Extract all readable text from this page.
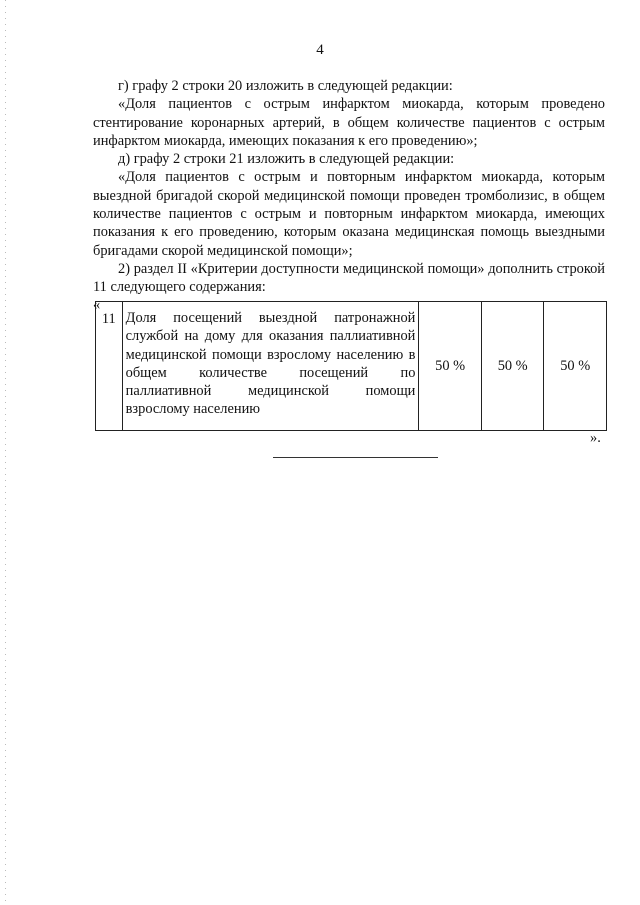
4

г) графу 2 строки 20 изложить в следующей редакции:

«Доля пациентов с острым инфарктом миокарда, которым проведено стентирование коронарных артерий, в общем количестве пациентов с острым инфарктом миокарда, имеющих показания к его проведению»;

д) графу 2 строки 21 изложить в следующей редакции:

«Доля пациентов с острым и повторным инфарктом миокарда, которым выездной бригадой скорой медицинской помощи проведен тромболизис, в общем количестве пациентов с острым и повторным инфарктом миокарда, имеющих показания к его проведению, которым оказана медицинская помощь выездными бригадами скорой медицинской помощи»;

2) раздел II «Критерии доступности медицинской помощи» дополнить строкой 11 следующего содержания:

«

11	Доля посещений выездной патронажной службой на дому для оказания паллиативной медицинской помощи взрослому населению в общем количестве посещений по паллиативной медицинской помощи взрослому населению	50 %	50 %	50 %
».
